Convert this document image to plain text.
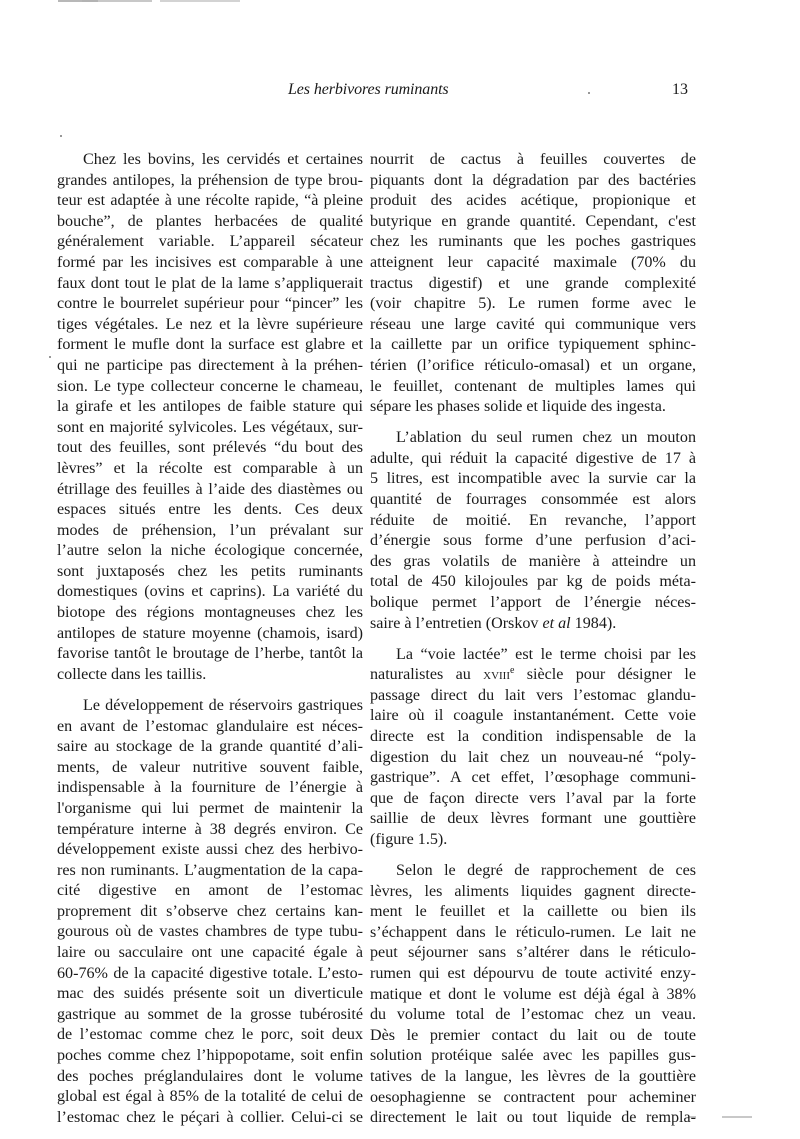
Les herbivores ruminants	13

Chez les bovins, les cervidés et certaines
grandes antilopes, la préhension de type brou-
teur est adaptée à une récolte rapide, “à pleine
bouche”, de plantes herbacées de qualité
généralement variable. L’appareil sécateur
formé par les incisives est comparable à une
faux dont tout le plat de la lame s’appliquerait
contre le bourrelet supérieur pour “pincer” les
tiges végétales. Le nez et la lèvre supérieure
forment le mufle dont la surface est glabre et
qui ne participe pas directement à la préhen-
sion. Le type collecteur concerne le chameau,
la girafe et les antilopes de faible stature qui
sont en majorité sylvicoles. Les végétaux, sur-
tout des feuilles, sont prélevés “du bout des
lèvres” et la récolte est comparable à un
étrillage des feuilles à l’aide des diastèmes ou
espaces situés entre les dents. Ces deux
modes de préhension, l’un prévalant sur
l’autre selon la niche écologique concernée,
sont juxtaposés chez les petits ruminants
domestiques (ovins et caprins). La variété du
biotope des régions montagneuses chez les
antilopes de stature moyenne (chamois, isard)
favorise tantôt le broutage de l’herbe, tantôt la
collecte dans les taillis.

Le développement de réservoirs gastriques
en avant de l’estomac glandulaire est néces-
saire au stockage de la grande quantité d’ali-
ments, de valeur nutritive souvent faible,
indispensable à la fourniture de l’énergie à
l'organisme qui lui permet de maintenir la
température interne à 38 degrés environ. Ce
développement existe aussi chez des herbivo-
res non ruminants. L’augmentation de la capa-
cité digestive en amont de l’estomac
proprement dit s’observe chez certains kan-
gourous où de vastes chambres de type tubu-
laire ou sacculaire ont une capacité égale à
60-76% de la capacité digestive totale. L’esto-
mac des suidés présente soit un diverticule
gastrique au sommet de la grosse tubérosité
de l’estomac comme chez le porc, soit deux
poches comme chez l’hippopotame, soit enfin
des poches préglandulaires dont le volume
global est égal à 85% de la totalité de celui de
l’estomac chez le péçari à collier. Celui-ci se

nourrit de cactus à feuilles couvertes de
piquants dont la dégradation par des bactéries
produit des acides acétique, propionique et
butyrique en grande quantité. Cependant, c'est
chez les ruminants que les poches gastriques
atteignent leur capacité maximale (70% du
tractus digestif) et une grande complexité
(voir chapitre 5). Le rumen forme avec le
réseau une large cavité qui communique vers
la caillette par un orifice typiquement sphinc-
térien (l’orifice réticulo-omasal) et un organe,
le feuillet, contenant de multiples lames qui
sépare les phases solide et liquide des ingesta.

L’ablation du seul rumen chez un mouton
adulte, qui réduit la capacité digestive de 17 à
5 litres, est incompatible avec la survie car la
quantité de fourrages consommée est alors
réduite de moitié. En revanche, l’apport
d’énergie sous forme d’une perfusion d’aci-
des gras volatils de manière à atteindre un
total de 450 kilojoules par kg de poids méta-
bolique permet l’apport de l’énergie néces-
saire à l’entretien (Orskov et al 1984).

La “voie lactée” est le terme choisi par les
naturalistes au xviii$^e$ siècle pour désigner le
passage direct du lait vers l’estomac glandu-
laire où il coagule instantanément. Cette voie
directe est la condition indispensable de la
digestion du lait chez un nouveau-né “poly-
gastrique”. A cet effet, l’œsophage communi-
que de façon directe vers l’aval par la forte
saillie de deux lèvres formant une gouttière
(figure 1.5).

Selon le degré de rapprochement de ces
lèvres, les aliments liquides gagnent directe-
ment le feuillet et la caillette ou bien ils
s’échappent dans le réticulo-rumen. Le lait ne
peut séjourner sans s’altérer dans le réticulo-
rumen qui est dépourvu de toute activité enzy-
matique et dont le volume est déjà égal à 38%
du volume total de l’estomac chez un veau.
Dès le premier contact du lait ou de toute
solution protéique salée avec les papilles gus-
tatives de la langue, les lèvres de la gouttière
oesophagienne se contractent pour acheminer
directement le lait ou tout liquide de rempla-
